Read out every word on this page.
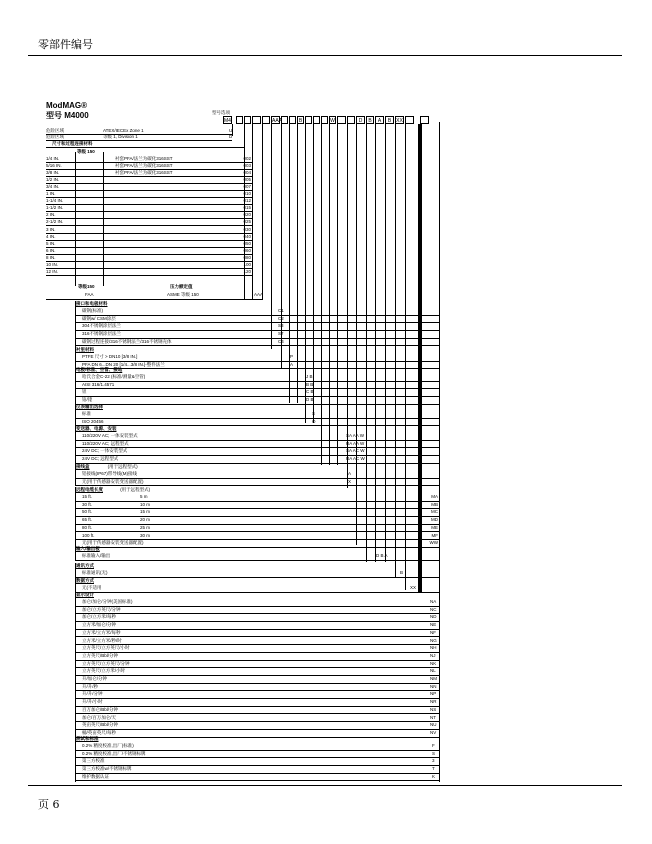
零部件编号
页 6
ModMAG®
型号 M4000	型号选项
M4	AAA	B	W	D	B	A	B XX
危险区域	ATEX/IECEx Zone 1	U
危险区域	等级 1, Division 1	D
尺寸和过程连接材料
等级 150
1/4 IN.	衬套PFA/法兰为碳化316SST	002
5/16 IN.	衬套PFA/法兰为碳化316SST	003
3/8 IN.	衬套PFA/法兰为碳化316SST	004
1/2 IN.	005
3/4 IN.	007
1 IN.	010
1-1/4 IN.	012
1-1/2 IN.	015
2 IN.	020
2-1/2 IN.	025
3 IN.	030
4 IN.	040
5 IN.	050
6 IN.	060
8 IN.	080
10 IN.	100
12 IN.	120
等级150	压力额定值
FAA	ASME 等级 150	AAA
接口和电极材料
碳钢(标准)	C1
碳钢w/ CSM涂层	C2
304不锈钢涂层法兰	S3
316不锈钢涂层法兰	S7
碳钢过程连接/316不锈钢法兰/316不锈钢壳体	C4
衬里材料
PTFE 尺寸 > DN10 [3/8 IN.]	P
PFA DN 6...DN 20 [1/4...3/8 IN.]-整件法兰	A
电极/标准、空管、接地
哈氏合金C-22 (标准/测量&空管)	J B
AISI 316/1.4571	B B
钽	C B
铂/铑	D B
仪表输出选择
标准	S
ISO 20456	O
变送器、电源、安装
110/220V AC; 一体安装型式	SA AA W
110/220V AC; 远程型式	RA AA W
24V DC; 一体安装型式	SA AC W
24V DC; 远程型式	RA AC W
接线盒	(用于远程型式)
铝接线(IP67)带导线(M)接线	A
无(用于传感器安装变送器配置)	X
远程电缆长度	(用于远程型式)
15 ft.	5 m	MA
30 ft.	10 m	MB
50 ft.	15 m	MC
65 ft.	20 m	MD
80 ft.	25 m	ME
100 ft.	30 m	MF
无(用于传感器安装变送器配置)	WW
输入/输出板
标准输入/输出	D B A
通讯方式
标准通讯(无)	B
数据方式
无(不适用	XX
显示设计
加仑/加仑/分钟(美国标准)	NA
加仑/立方英尺/分钟	NC
加仑/立方米/每秒	ND
立方米/加仑/分钟	NE
立方米/立方米/每秒	NF
立方米/立方米/秒/时	NG
立方英尺/立方英尺/小时	NH
立方英尺/Bbl/分钟	NJ
立方英尺/立方英尺/分钟	NK
立方英尺/立方米/小时	NL
升/加仑/分钟	NM
升/升/秒	NN
升/升/分钟	NP
升/升/小时	NR
百万加仑/Bbl/分钟	NS
加仑/百万加仑/天	NT
英亩英尺/Bbl/分钟	NU
桶/英亩英尺/每秒	NV
测试和标准
0.2% 精度校准,出厂(标准)	F
0.2% 精度校准,出厂/不锈钢标牌	S
第三方校准	3
第三方校准w/不锈钢标牌	T
维护数据认证	K
